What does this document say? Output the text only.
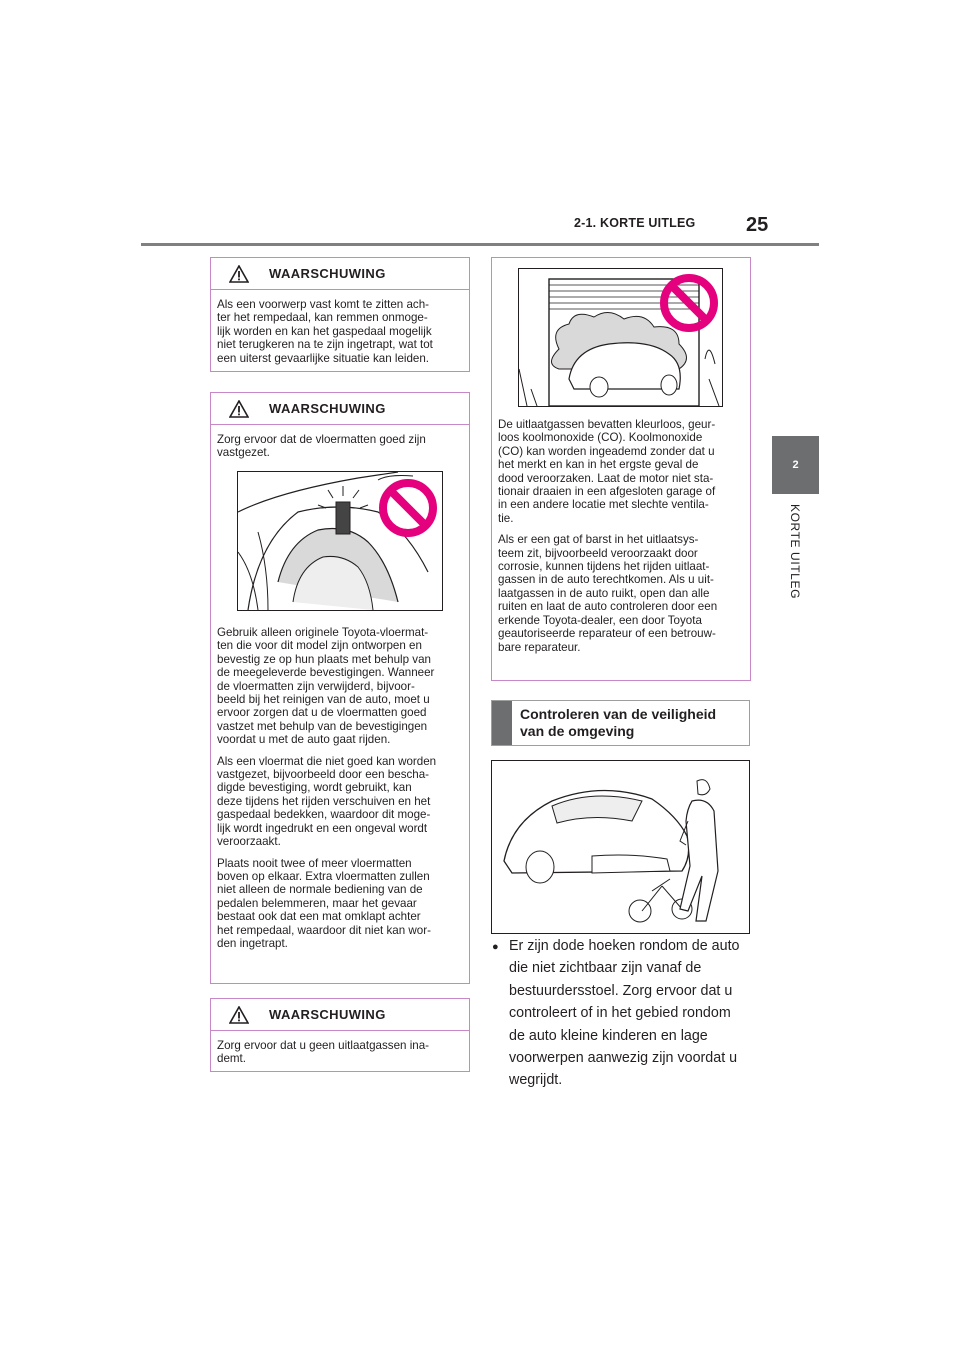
2-1. KORTE UITLEG	25
2
KORTE UITLEG
WAARSCHUWING

Als een voorwerp vast komt te zitten ach-
ter het rempedaal, kan remmen onmoge-
lijk worden en kan het gaspedaal mogelijk
niet terugkeren na te zijn ingetrapt, wat tot
een uiterst gevaarlijke situatie kan leiden.

WAARSCHUWING

Zorg ervoor dat de vloermatten goed zijn
vastgezet.

Gebruik alleen originele Toyota-vloermat-
ten die voor dit model zijn ontworpen en
bevestig ze op hun plaats met behulp van
de meegeleverde bevestigingen. Wanneer
de vloermatten zijn verwijderd, bijvoor-
beeld bij het reinigen van de auto, moet u
ervoor zorgen dat u de vloermatten goed
vastzet met behulp van de bevestigingen
voordat u met de auto gaat rijden.

Als een vloermat die niet goed kan worden
vastgezet, bijvoorbeeld door een bescha-
digde bevestiging, wordt gebruikt, kan
deze tijdens het rijden verschuiven en het
gaspedaal bedekken, waardoor dit moge-
lijk wordt ingedrukt en een ongeval wordt
veroorzaakt.

Plaats nooit twee of meer vloermatten
boven op elkaar. Extra vloermatten zullen
niet alleen de normale bediening van de
pedalen belemmeren, maar het gevaar
bestaat ook dat een mat omklapt achter
het rempedaal, waardoor dit niet kan wor-
den ingetrapt.

WAARSCHUWING

Zorg ervoor dat u geen uitlaatgassen ina-
demt.

De uitlaatgassen bevatten kleurloos, geur-
loos koolmonoxide (CO). Koolmonoxide
(CO) kan worden ingeademd zonder dat u
het merkt en kan in het ergste geval de
dood veroorzaken. Laat de motor niet sta-
tionair draaien in een afgesloten garage of
in een andere locatie met slechte ventila-
tie.

Als er een gat of barst in het uitlaatsys-
teem zit, bijvoorbeeld veroorzaakt door
corrosie, kunnen tijdens het rijden uitlaat-
gassen in de auto terechtkomen. Als u uit-
laatgassen in de auto ruikt, open dan alle
ruiten en laat de auto controleren door een
erkende Toyota-dealer, een door Toyota
geautoriseerde reparateur of een betrouw-
bare reparateur.

Controleren van de veiligheid
van de omgeving
● Er zijn dode hoeken rondom de auto
die niet zichtbaar zijn vanaf de
bestuurdersstoel. Zorg ervoor dat u
controleert of in het gebied rondom
de auto kleine kinderen en lage
voorwerpen aanwezig zijn voordat u
wegrijdt.
